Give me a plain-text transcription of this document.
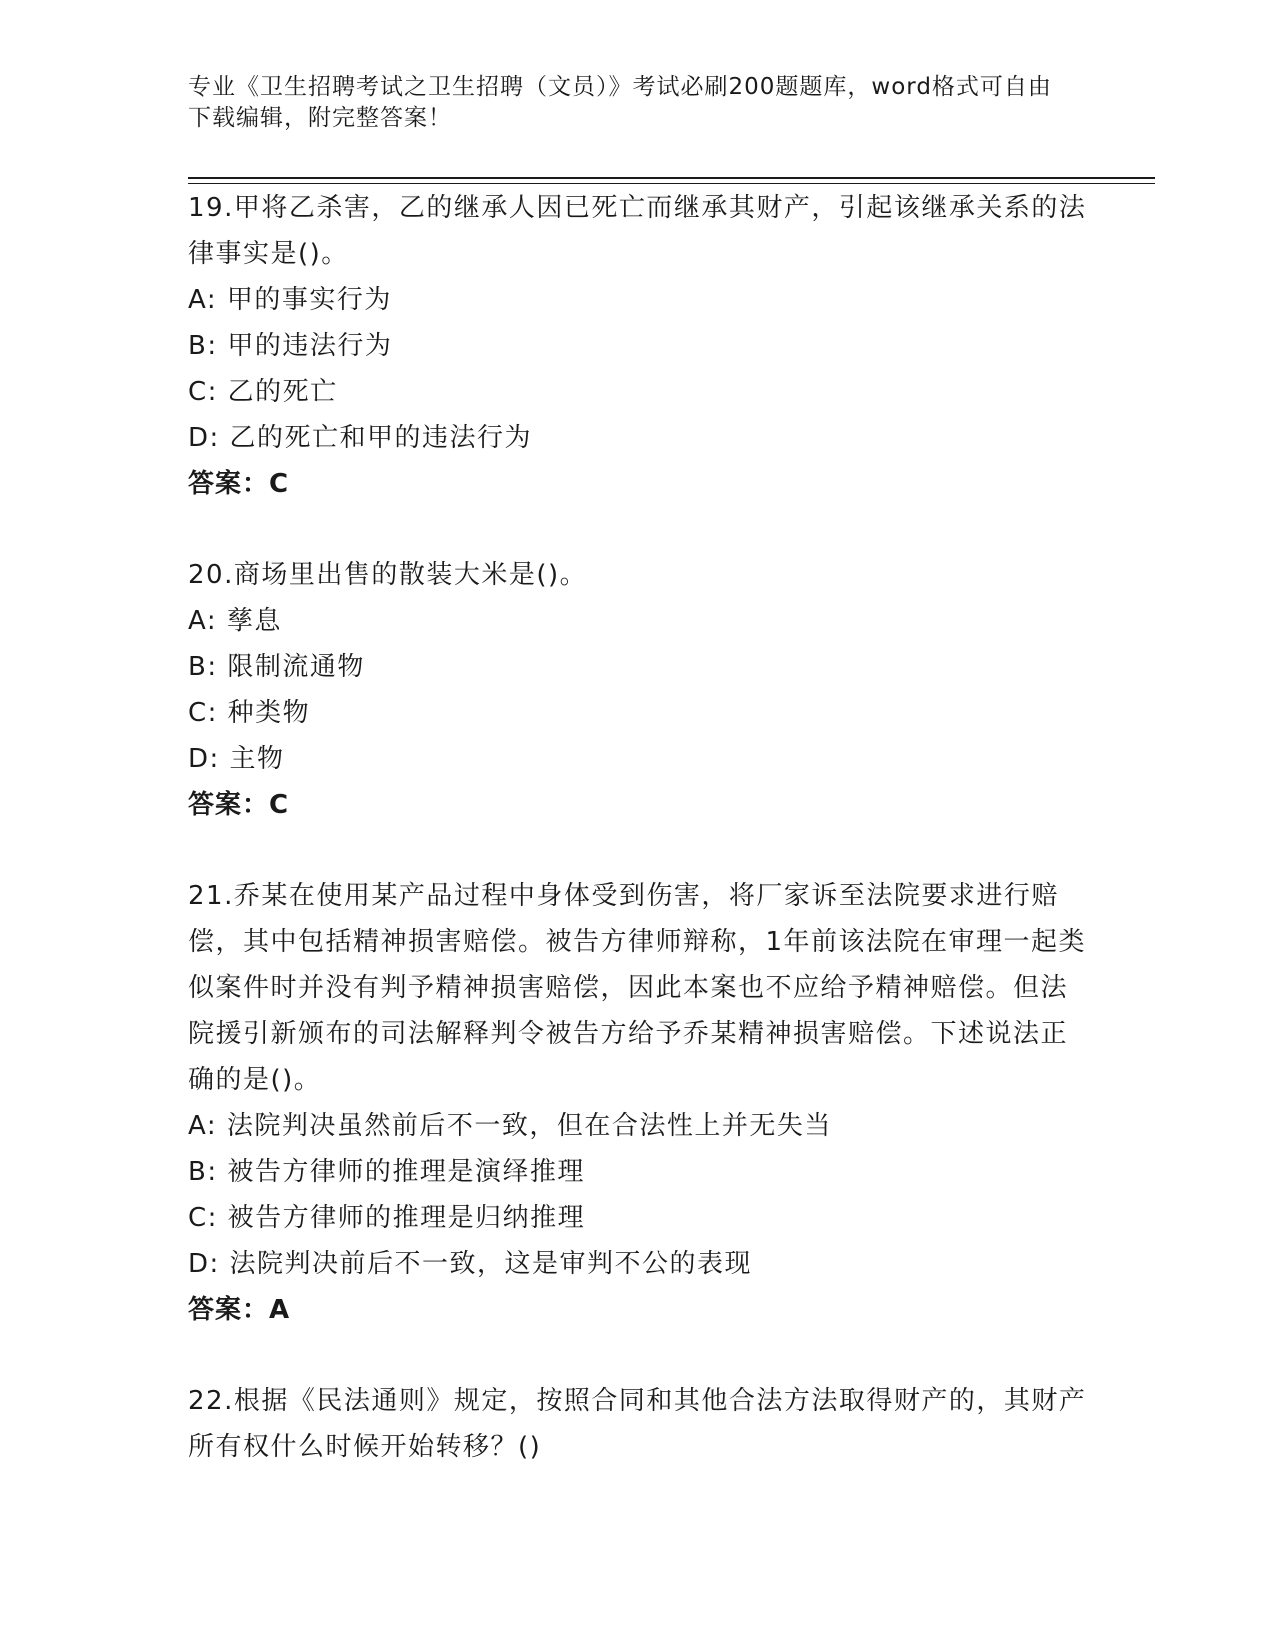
专业《卫生招聘考试之卫生招聘（文员）》考试必刷200题题库，word格式可自由下载编辑，附完整答案！
19.甲将乙杀害，乙的继承人因已死亡而继承其财产，引起该继承关系的法律事实是()。
A: 甲的事实行为
B: 甲的违法行为
C: 乙的死亡
D: 乙的死亡和甲的违法行为
答案：C
20.商场里出售的散装大米是()。
A: 孳息
B: 限制流通物
C: 种类物
D: 主物
答案：C
21.乔某在使用某产品过程中身体受到伤害，将厂家诉至法院要求进行赔偿，其中包括精神损害赔偿。被告方律师辩称，1年前该法院在审理一起类似案件时并没有判予精神损害赔偿，因此本案也不应给予精神赔偿。但法院援引新颁布的司法解释判令被告方给予乔某精神损害赔偿。下述说法正确的是()。
A: 法院判决虽然前后不一致，但在合法性上并无失当
B: 被告方律师的推理是演绎推理
C: 被告方律师的推理是归纳推理
D: 法院判决前后不一致，这是审判不公的表现
答案：A
22.根据《民法通则》规定，按照合同和其他合法方法取得财产的，其财产所有权什么时候开始转移？()
